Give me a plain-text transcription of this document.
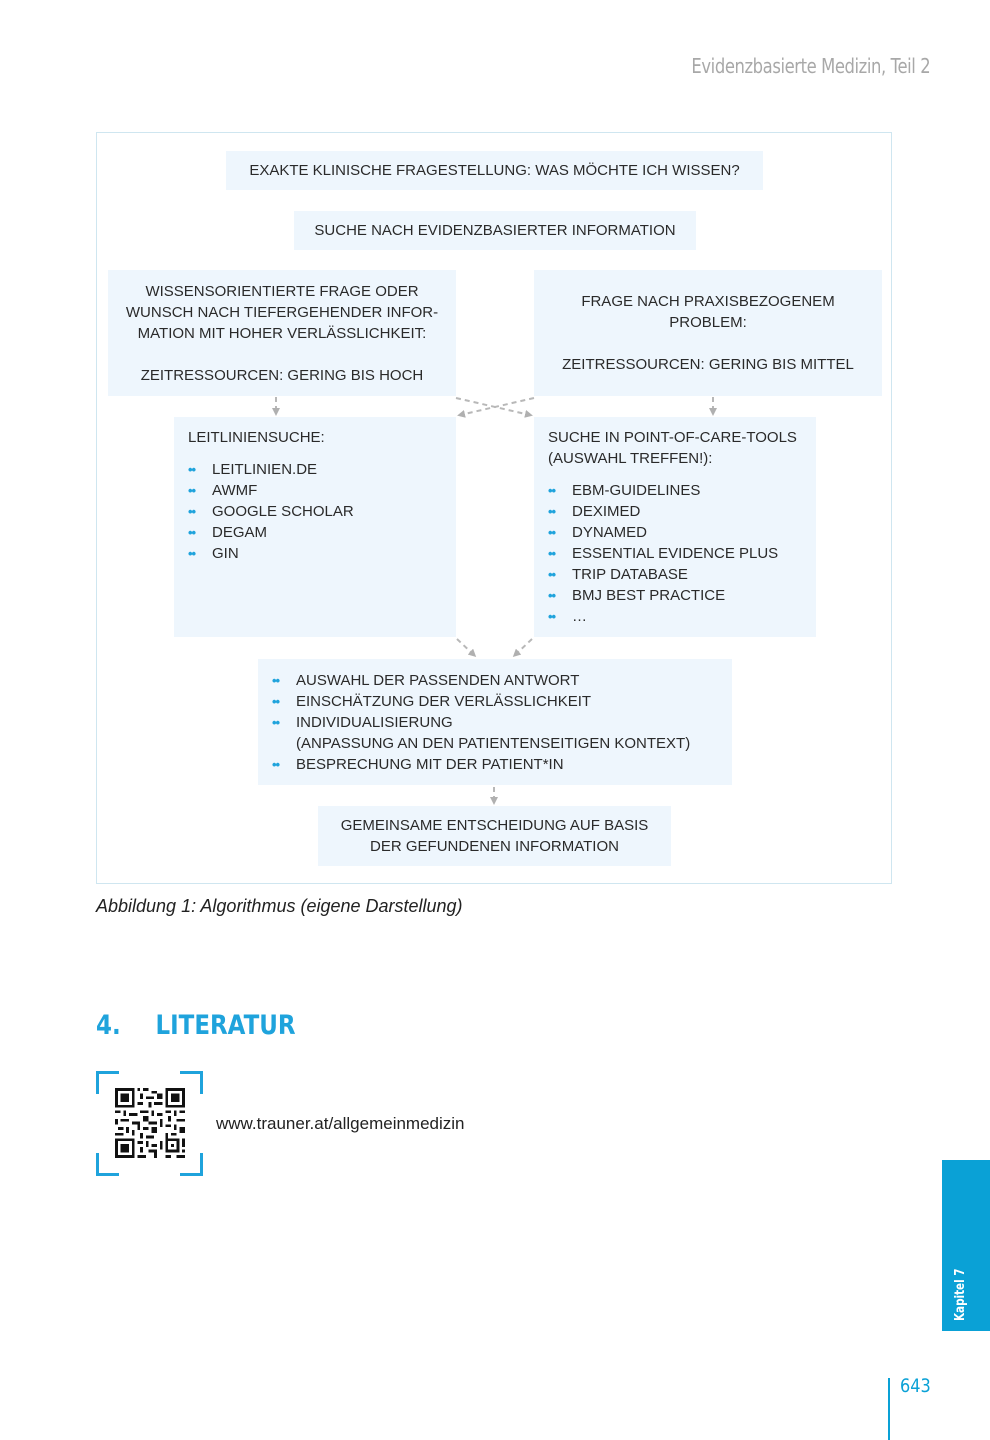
Evidenzbasierte Medizin, Teil 2

EXAKTE KLINISCHE FRAGESTELLUNG: WAS MÖCHTE ICH WISSEN?

SUCHE NACH EVIDENZBASIERTER INFORMATION

WISSENSORIENTIERTE FRAGE ODER

WUNSCH NACH TIEFERGEHENDER INFOR-

MATION MIT HOHER VERLÄSSLICHKEIT:

ZEITRESSOURCEN: GERING BIS HOCH

FRAGE NACH PRAXISBEZOGENEM

PROBLEM:

ZEITRESSOURCEN: GERING BIS MITTEL

LEITLINIENSUCHE:

•• LEITLINIEN.DE
•• AWMF
•• GOOGLE SCHOLAR
•• DEGAM
•• GIN

SUCHE IN POINT-OF-CARE-TOOLS

(AUSWAHL TREFFEN!):

•• EBM-GUIDELINES
•• DEXIMED
•• DYNAMED
•• ESSENTIAL EVIDENCE PLUS
•• TRIP DATABASE
•• BMJ BEST PRACTICE
•• …
•• AUSWAHL DER PASSENDEN ANTWORT
•• EINSCHÄTZUNG DER VERLÄSSLICHKEIT
•• INDIVIDUALISIERUNG
(ANPASSUNG AN DEN PATIENTENSEITIGEN KONTEXT)
•• BESPRECHUNG MIT DER PATIENT*IN

GEMEINSAME ENTSCHEIDUNG AUF BASIS

DER GEFUNDENEN INFORMATION

Abbildung 1: Algorithmus (eigene Darstellung)
4. LITERATUR
www.trauner.at/allgemeinmedizin
Kapitel 7
643
